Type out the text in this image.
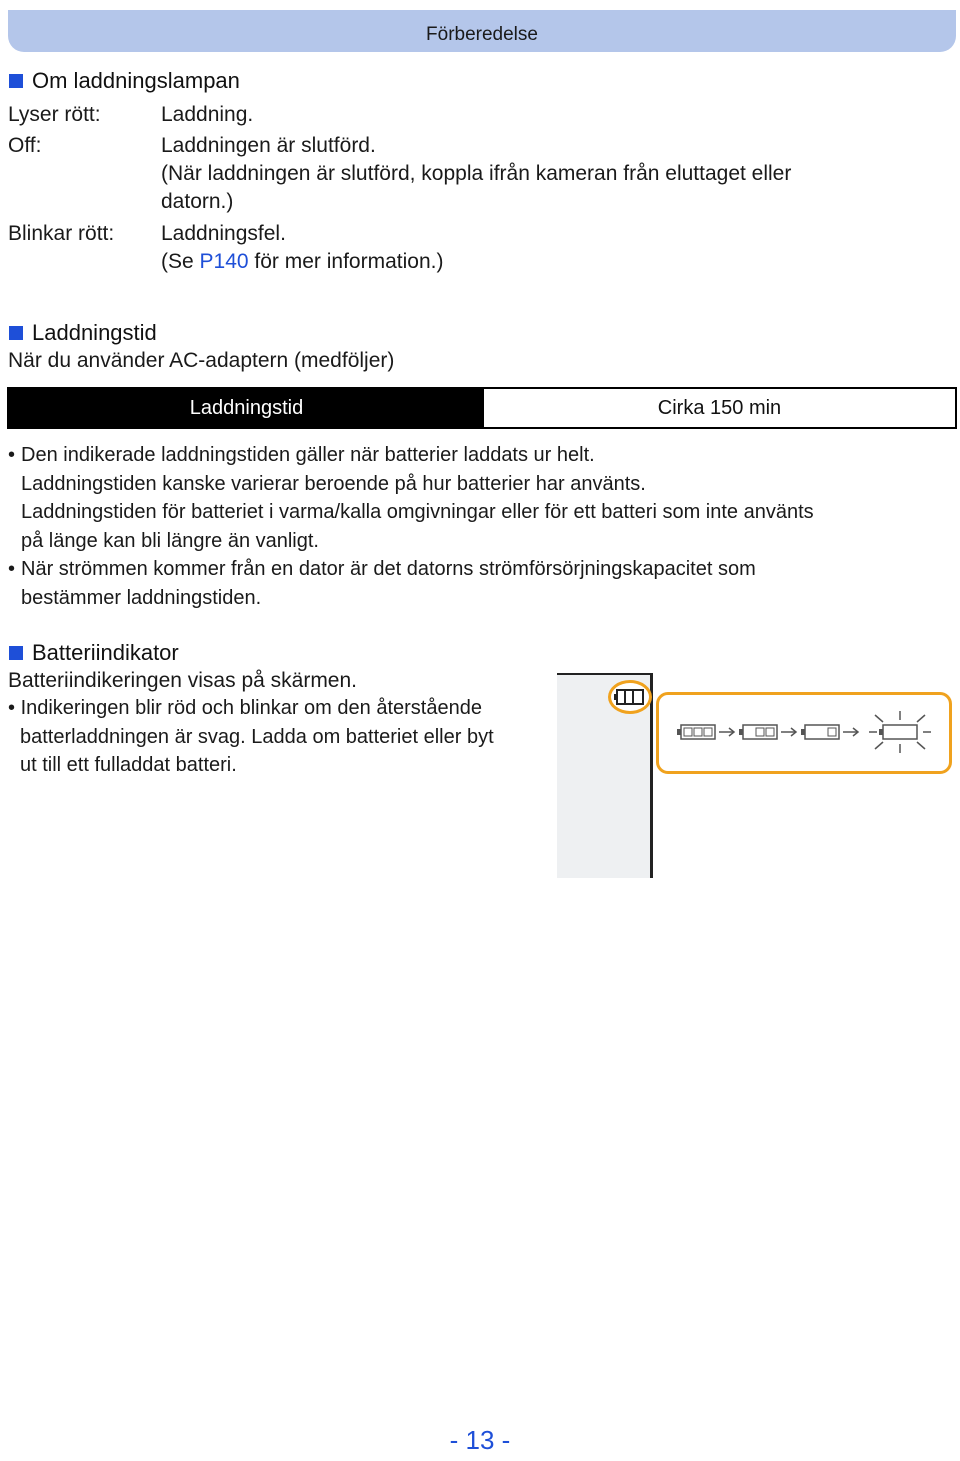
Förberedelse
Om laddningslampan
Lyser rött:	Laddning.
Off:	Laddningen är slutförd.
(När laddningen är slutförd, koppla ifrån kameran från eluttaget eller
datorn.)
Blinkar rött: Laddningsfel.
(Se P140 för mer information.)
Laddningstid
När du använder AC-adaptern (medföljer)
Laddningstid	Cirka 150 min
• Den indikerade laddningstiden gäller när batterier laddats ur helt.
Laddningstiden kanske varierar beroende på hur batterier har använts.
Laddningstiden för batteriet i varma/kalla omgivningar eller för ett batteri som inte använts
på länge kan bli längre än vanligt.
• När strömmen kommer från en dator är det datorns strömförsörjningskapacitet som
bestämmer laddningstiden.
Batteriindikator
Batteriindikeringen visas på skärmen.
• Indikeringen blir röd och blinkar om den återstående
batterladdningen är svag. Ladda om batteriet eller byt
ut till ett fulladdat batteri.
- 13 -
